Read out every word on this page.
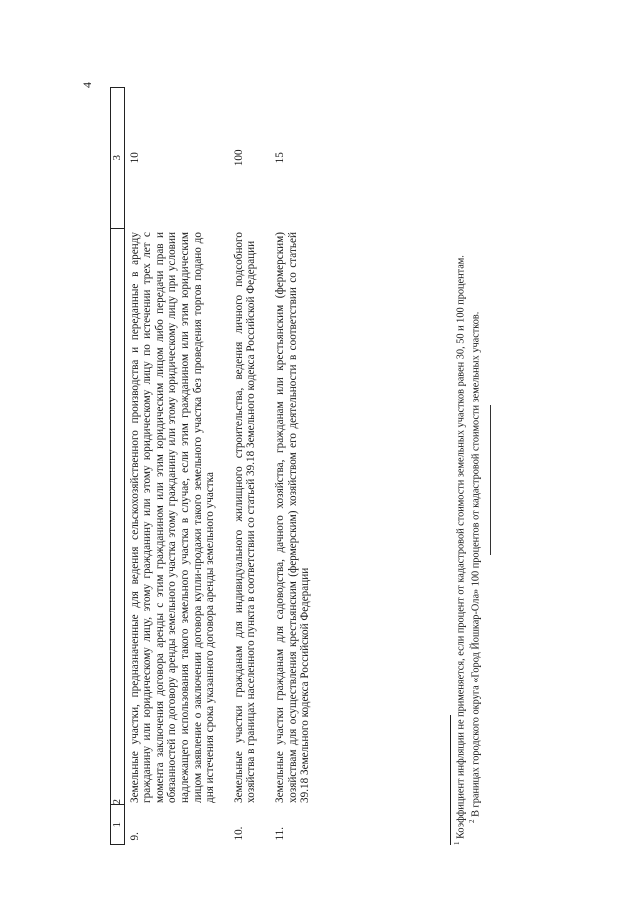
4
1	2	3
9.	Земельные участки, предназначенные для ведения сельскохозяйственного производства и переданные в аренду гражданину или юридическому лицу, этому гражданину или этому юридическому лицу по истечении трех лет с момента заключения договора аренды с этим гражданином или этим юридическим лицом либо передачи прав и обязанностей по договору аренды земельного участка этому гражданину или этому юридическому лицу при условии надлежащего использования такого земельного участка в случае, если этим гражданином или этим юридическим лицом заявление о заключении договора купли-продажи такого земельного участка без проведения торгов подано до дня истечения срока указанного договора аренды земельного участка	10
10.	Земельные участки гражданам для индивидуального жилищного строительства, ведения личного подсобного хозяйства в границах населенного пункта в соответствии со статьей 39.18 Земельного кодекса Российской Федерации	100
11.	Земельные участки гражданам для садоводства, дачного хозяйства, гражданам или крестьянским (фермерским) хозяйствам для осуществления крестьянским (фермерским) хозяйством его деятельности в соответствии со статьей 39.18 Земельного кодекса Российской Федерации	15

$^1$ Коэффициент инфляции не применяется, если процент от кадастровой стоимости земельных участков равен 30, 50 и 100 процентам. $^2$ В границах городского округа «Город Йошкар-Ола» 100 процентов от кадастровой стоимости земельных участков.
